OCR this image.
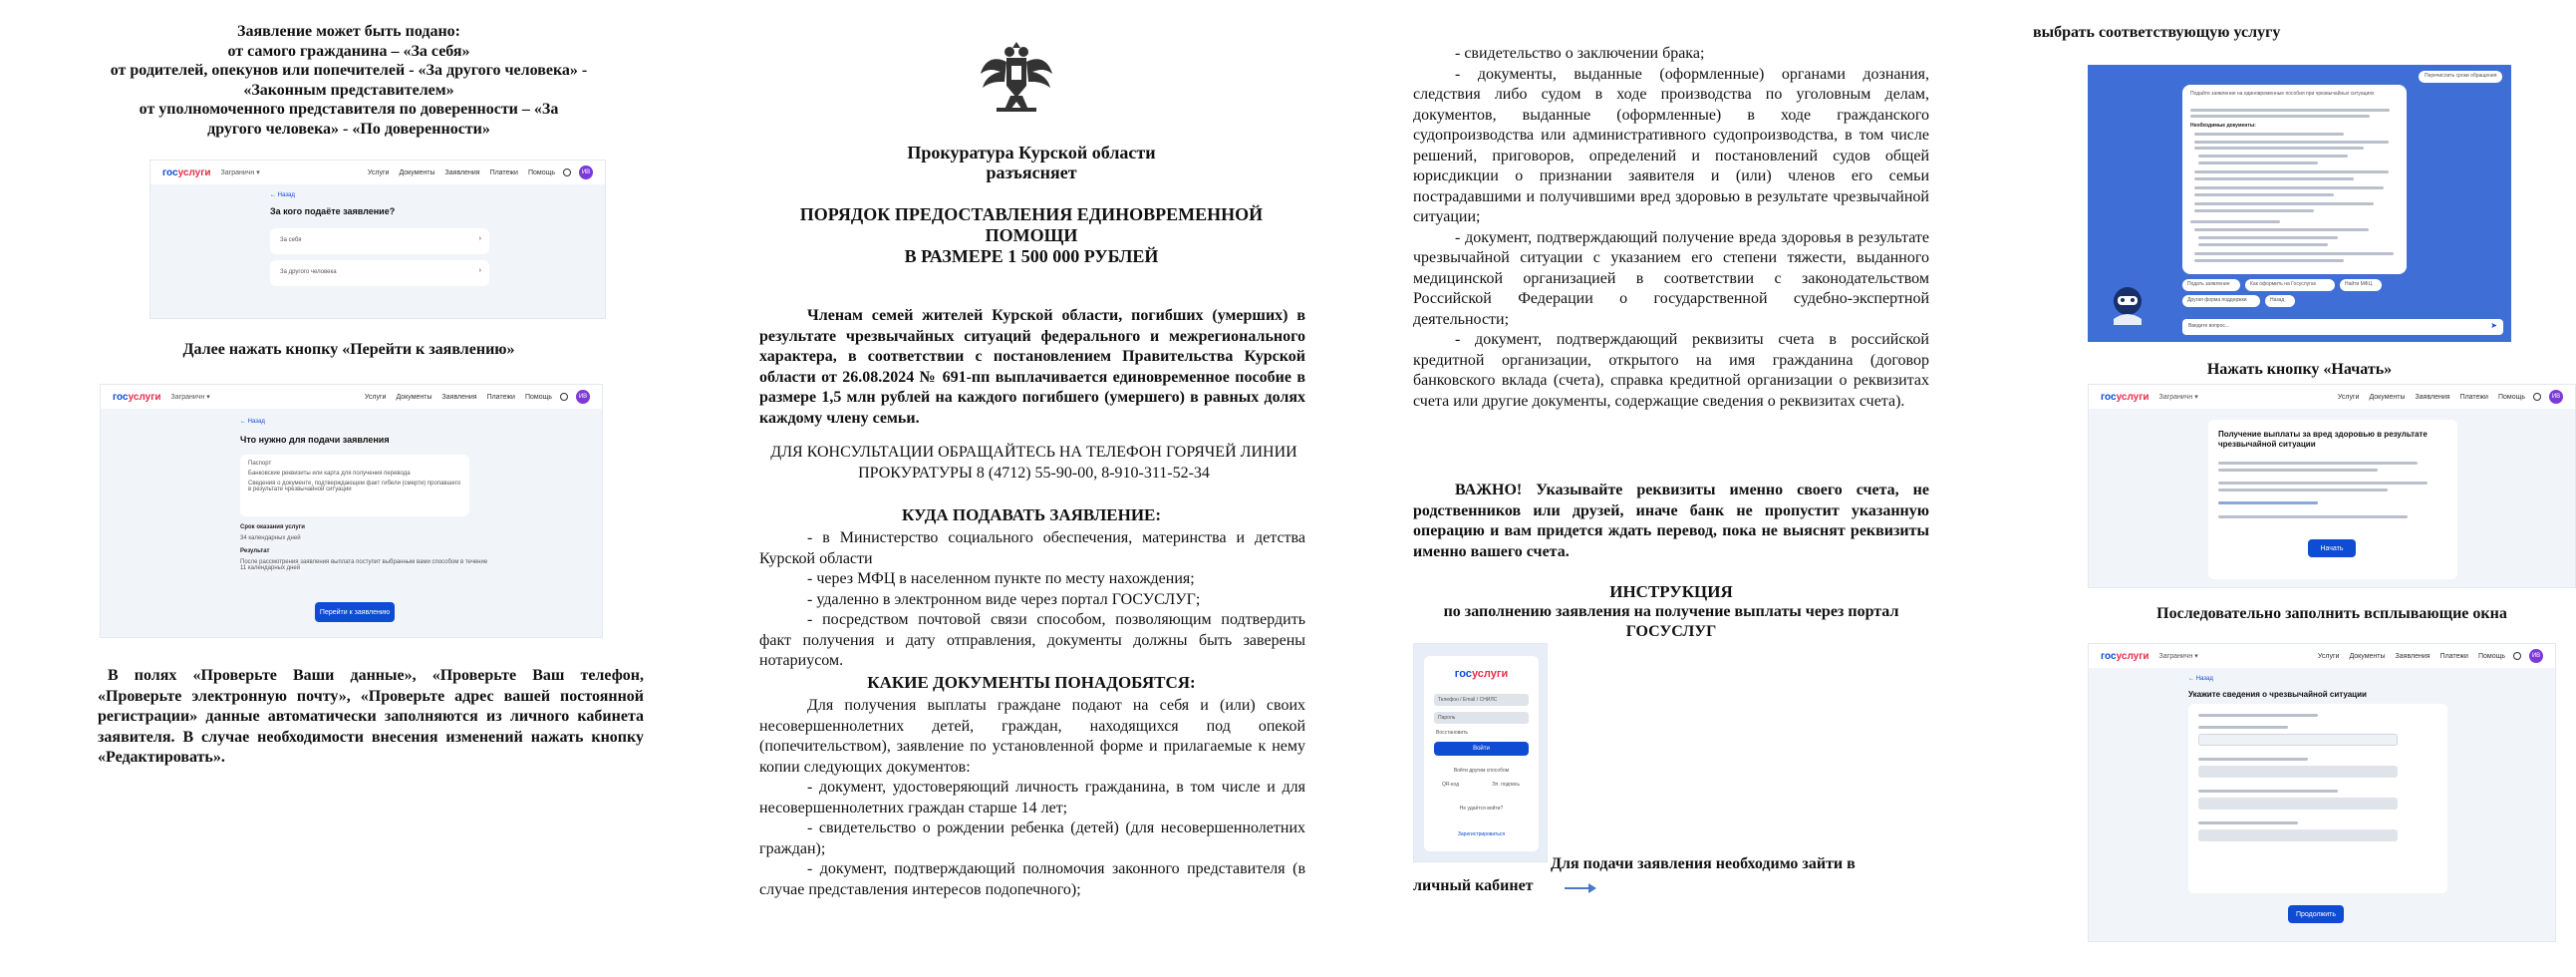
Заявление может быть подано:
от самого гражданина – «За себя»
от родителей, опекунов или попечителей - «За другого человека» -
«Законным представителем»
от уполномоченного представителя по доверенности – «За
другого человека» - «По доверенности»
госуслуги Заграничн ▾	Услуги Документы Заявления Платежи Помощь	ИВ
← Назад
За кого подаёте заявление?
За себя	›
За другого человека	›
Далее нажать кнопку «Перейти к заявлению»
госуслуги Заграничн ▾	Услуги Документы Заявления Платежи Помощь	ИВ
← Назад
Что нужно для подачи заявления
Паспорт
Банковские реквизиты или карта для получения перевода
Сведения о документе, подтверждающем факт гибели (смерти) пропавшего в результате чрезвычайной ситуации
Срок оказания услуги
34 календарных дней
Результат
После рассмотрения заявления выплата поступит выбранным вами способом в течение 11 календарных дней
Перейти к заявлению
В полях «Проверьте Ваши данные», «Проверьте Ваш телефон, «Проверьте электронную почту», «Проверьте адрес вашей постоянной регистрации» данные автоматически заполняются из личного кабинета заявителя. В случае необходимости внесения изменений нажать кнопку «Редактировать».
Прокуратура Курской области
разъясняет
ПОРЯДОК ПРЕДОСТАВЛЕНИЯ ЕДИНОВРЕМЕННОЙ
ПОМОЩИ
В РАЗМЕРЕ 1 500 000 РУБЛЕЙ
Членам семей жителей Курской области, погибших (умерших) в результате чрезвычайных ситуаций федерального и межрегионального характера, в соответствии с постановлением Правительства Курской области от 26.08.2024 № 691-пп выплачивается единовременное пособие в размере 1,5 млн рублей на каждого погибшего (умершего) в равных долях каждому члену семьи.
ДЛЯ КОНСУЛЬТАЦИИ ОБРАЩАЙТЕСЬ НА ТЕЛЕФОН ГОРЯЧЕЙ ЛИНИИ ПРОКУРАТУРЫ 8 (4712) 55-90-00, 8-910-311-52-34
КУДА ПОДАВАТЬ ЗАЯВЛЕНИЕ:
- в Министерство социального обеспечения, материнства и детства Курской области
- через МФЦ в населенном пункте по месту нахождения;
- удаленно в электронном виде через портал ГОСУСЛУГ;
- посредством почтовой связи способом, позволяющим подтвердить факт получения и дату отправления, документы должны быть заверены нотариусом.
КАКИЕ ДОКУМЕНТЫ ПОНАДОБЯТСЯ:
Для получения выплаты граждане подают на себя и (или) своих несовершеннолетних детей, граждан, находящихся под опекой (попечительством), заявление по установленной форме и прилагаемые к нему копии следующих документов:
- документ, удостоверяющий личность гражданина, в том числе и для несовершеннолетних граждан старше 14 лет;
- свидетельство о рождении ребенка (детей) (для несовершеннолетних граждан);
- документ, подтверждающий полномочия законного представителя (в случае представления интересов подопечного);
- свидетельство о заключении брака;
- документы, выданные (оформленные) органами дознания, следствия либо судом в ходе производства по уголовным делам, документов, выданные (оформленные) в ходе гражданского судопроизводства или административного судопроизводства, в том числе решений, приговоров, определений и постановлений судов общей юрисдикции о признании заявителя и (или) членов его семьи пострадавшими и получившими вред здоровью в результате чрезвычайной ситуации;
- документ, подтверждающий получение вреда здоровья в результате чрезвычайной ситуации с указанием его степени тяжести, выданного медицинской организацией в соответствии с законодательством Российской Федерации о государственной судебно-экспертной деятельности;
- документ, подтверждающий реквизиты счета в российской кредитной организации, открытого на имя гражданина (договор банковского вклада (счета), справка кредитной организации о реквизитах счета или другие документы, содержащие сведения о реквизитах счета).
ВАЖНО! Указывайте реквизиты именно своего счета, не родственников или друзей, иначе банк не пропустит указанную операцию и вам придется ждать перевод, пока не выяснят реквизиты именно вашего счета.
ИНСТРУКЦИЯ
по заполнению заявления на получение выплаты через портал ГОСУСЛУГ
госуслуги
Телефон / Email / СНИЛС
Пароль
Восстановить
Войти
Войти другим способом
QR-код	Эл. подпись
Не удаётся войти?
Зарегистрироваться
Для подачи заявления необходимо зайти в
личный кабинет
выбрать соответствующую услугу
Перечислить сроки обращения
Подайте заявление на единовременные пособия при чрезвычайных ситуациях
Необходимые документы:
Подать заявление	Как оформить на Госуслугах	Найти МФЦ
Другая форма поддержки	Назад
Введите вопрос...	➤
Нажать кнопку «Начать»
госуслуги Заграничн ▾	Услуги Документы Заявления Платежи Помощь	ИВ
Получение выплаты за вред здоровью в результате чрезвычайной ситуации
Начать
Последовательно заполнить всплывающие окна
госуслуги Заграничн ▾	Услуги Документы Заявления Платежи Помощь	ИВ
← Назад
Укажите сведения о чрезвычайной ситуации
Продолжить
